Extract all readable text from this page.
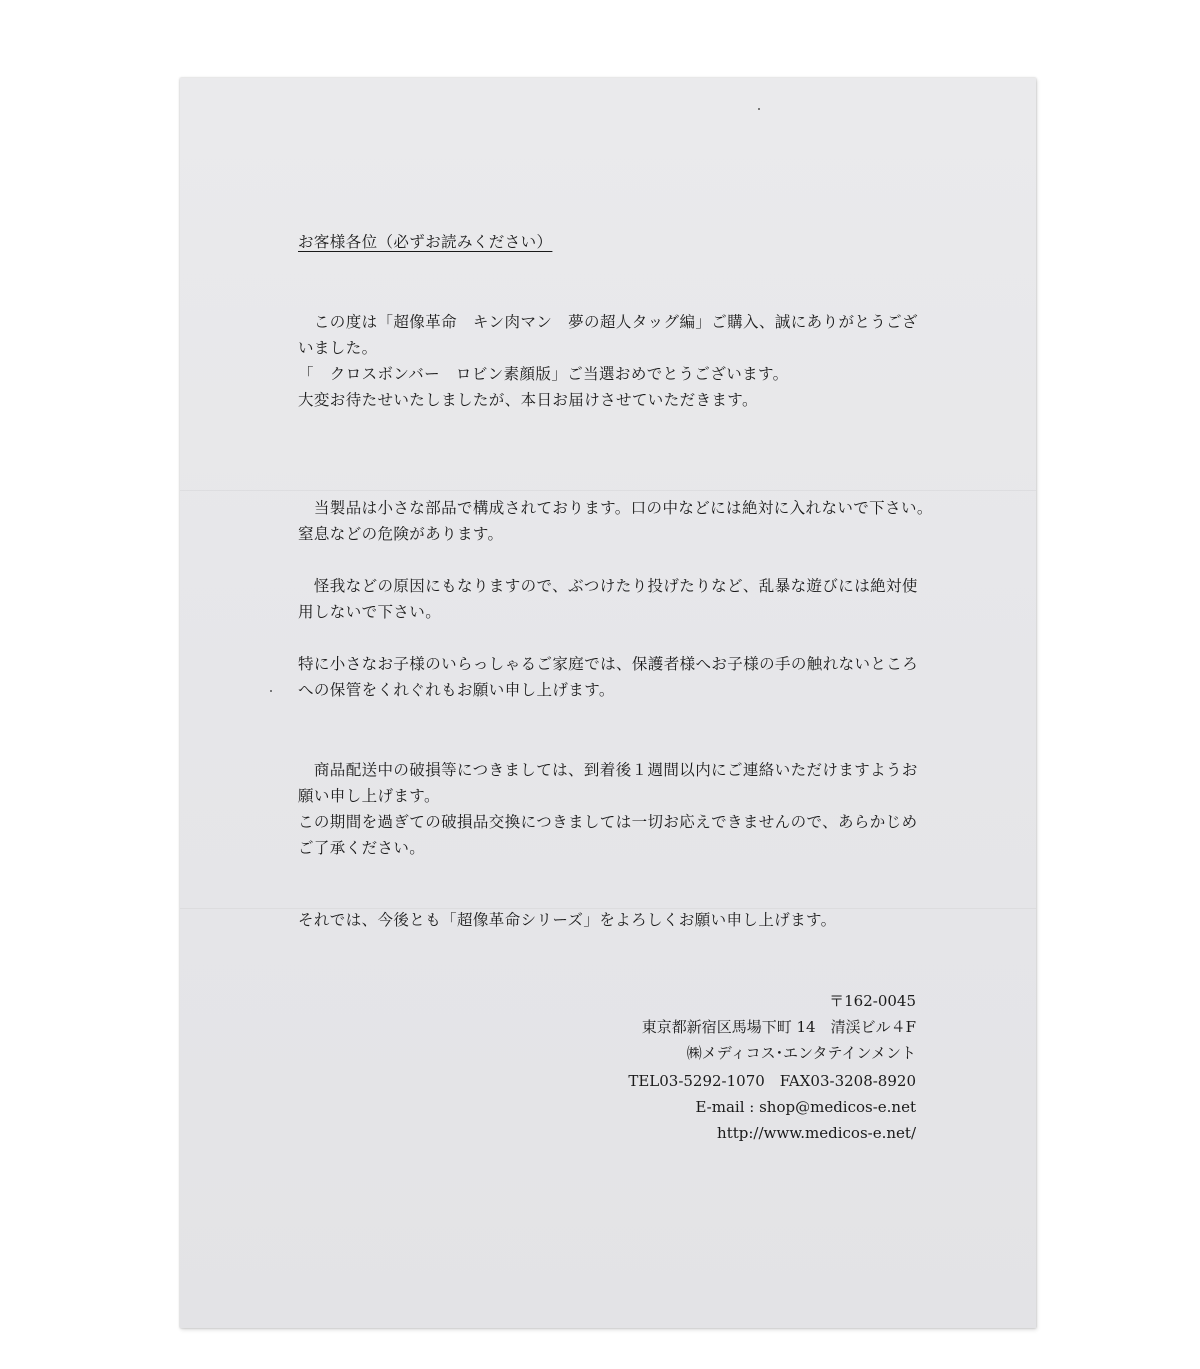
お客様各位（必ずお読みください）
　この度は「超像革命　キン肉マン　夢の超人タッグ編」ご購入、誠にありがとうござ
いました。
「　クロスボンバー　ロビン素顔版」ご当選おめでとうございます。
大変お待たせいたしましたが、本日お届けさせていただきます。
　当製品は小さな部品で構成されております。口の中などには絶対に入れないで下さい。
窒息などの危険があります。
　怪我などの原因にもなりますので、ぶつけたり投げたりなど、乱暴な遊びには絶対使
用しないで下さい。
特に小さなお子様のいらっしゃるご家庭では、保護者様へお子様の手の触れないところ
への保管をくれぐれもお願い申し上げます。
　商品配送中の破損等につきましては、到着後１週間以内にご連絡いただけますようお
願い申し上げます。
この期間を過ぎての破損品交換につきましては一切お応えできませんので、あらかじめ
ご了承ください。
それでは、今後とも「超像革命シリーズ」をよろしくお願い申し上げます。
〒162-0045
東京都新宿区馬場下町 14　清渓ビル４F
㈱メディコス･エンタテインメント
TEL03-5292-1070　FAX03-3208-8920
E-mail : shop@medicos-e.net
http://www.medicos-e.net/
